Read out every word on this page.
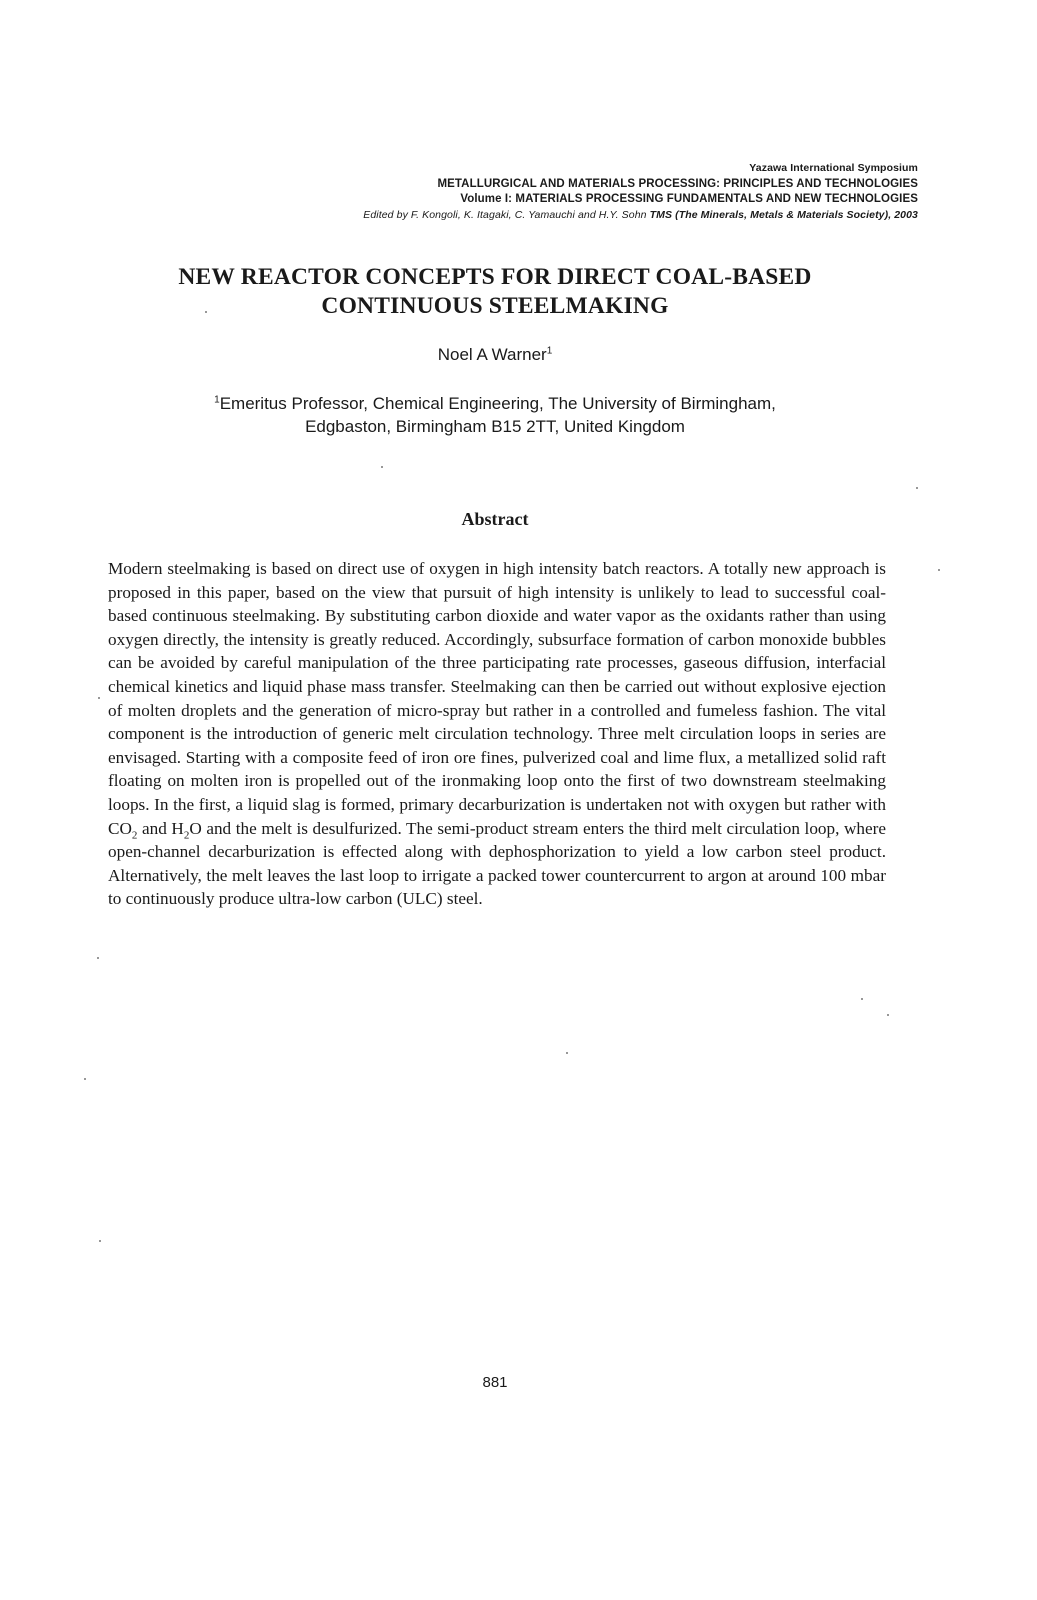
Yazawa International Symposium
METALLURGICAL AND MATERIALS PROCESSING: PRINCIPLES AND TECHNOLOGIES
Volume I: MATERIALS PROCESSING FUNDAMENTALS AND NEW TECHNOLOGIES
Edited by F. Kongoli, K. Itagaki, C. Yamauchi and H.Y. Sohn TMS (The Minerals, Metals & Materials Society), 2003
NEW REACTOR CONCEPTS FOR DIRECT COAL-BASED
CONTINUOUS STEELMAKING
Noel A Warner$^1$
$^1$Emeritus Professor, Chemical Engineering, The University of Birmingham,
Edgbaston, Birmingham B15 2TT, United Kingdom
Abstract

Modern steelmaking is based on direct use of oxygen in high intensity batch reactors. A totally new approach is proposed in this paper, based on the view that pursuit of high intensity is unlikely to lead to successful coal-based continuous steelmaking. By substituting carbon dioxide and water vapor as the oxidants rather than using oxygen directly, the intensity is greatly reduced. Accordingly, subsurface formation of carbon monoxide bubbles can be avoided by careful manipulation of the three participating rate processes, gaseous diffusion, interfacial chemical kinetics and liquid phase mass transfer. Steelmaking can then be carried out without explosive ejection of molten droplets and the generation of micro-spray but rather in a controlled and fumeless fashion. The vital component is the introduction of generic melt circulation technology. Three melt circulation loops in series are envisaged. Starting with a composite feed of iron ore fines, pulverized coal and lime flux, a metallized solid raft floating on molten iron is propelled out of the ironmaking loop onto the first of two downstream steelmaking loops. In the first, a liquid slag is formed, primary decarburization is undertaken not with oxygen but rather with $CO_2$ and $H_2O$ and the melt is desulfurized. The semi-product stream enters the third melt circulation loop, where open-channel decarburization is effected along with dephosphorization to yield a low carbon steel product. Alternatively, the melt leaves the last loop to irrigate a packed tower countercurrent to argon at around 100 mbar to continuously produce ultra-low carbon (ULC) steel.

881
